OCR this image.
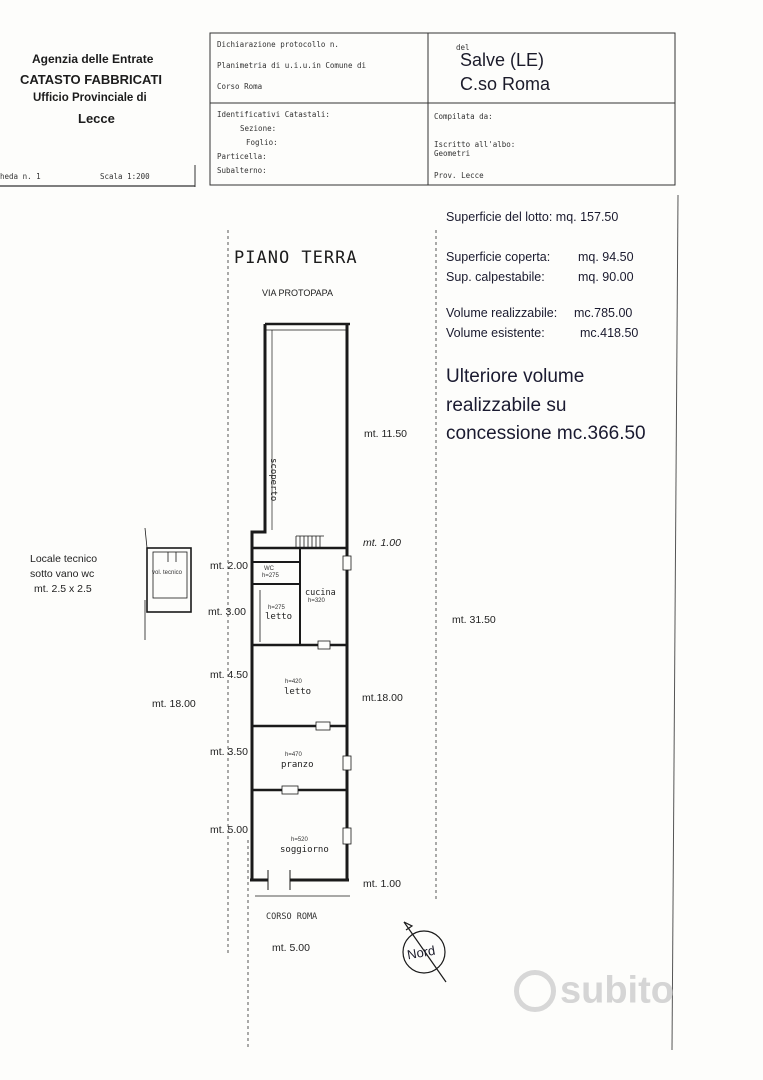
Agenzia delle Entrate
CATASTO FABBRICATI
Ufficio Provinciale di
Lecce
Dichiarazione protocollo n.	del
Planimetria di u.i.u.in Comune di	Salve (LE)
Corso Roma	C.so Roma
Identificativi Catastali:
Sezione:
Foglio:
Particella:
Subalterno:
Compilata da:
Iscritto all'albo:
Geometri
Prov. Lecce
heda n. 1	Scala 1:200
Superficie del lotto: mq. 157.50
Superficie coperta: mq. 94.50
Sup. calpestabile:	mq. 90.00
Volume realizzabile: mc.785.00
Volume esistente:	mc.418.50
Ulteriore volume
realizzabile su
concessione mc.366.50
PIANO TERRA
VIA PROTOPAPA
CORSO ROMA
scoperto
WC
h=275
cucina
h=320
h=275
letto
h=420
letto
h=470
pranzo
h=520
soggiorno
vol. tecnico
mt. 11.50
mt. 1.00
mt. 2.00
mt. 3.00
mt. 31.50
mt. 4.50
mt. 18.00	mt.18.00
mt. 3.50
mt. 5.00
mt. 1.00
mt. 5.00
Locale tecnico
sotto vano wc
mt. 2.5 x 2.5
Nord
subito
